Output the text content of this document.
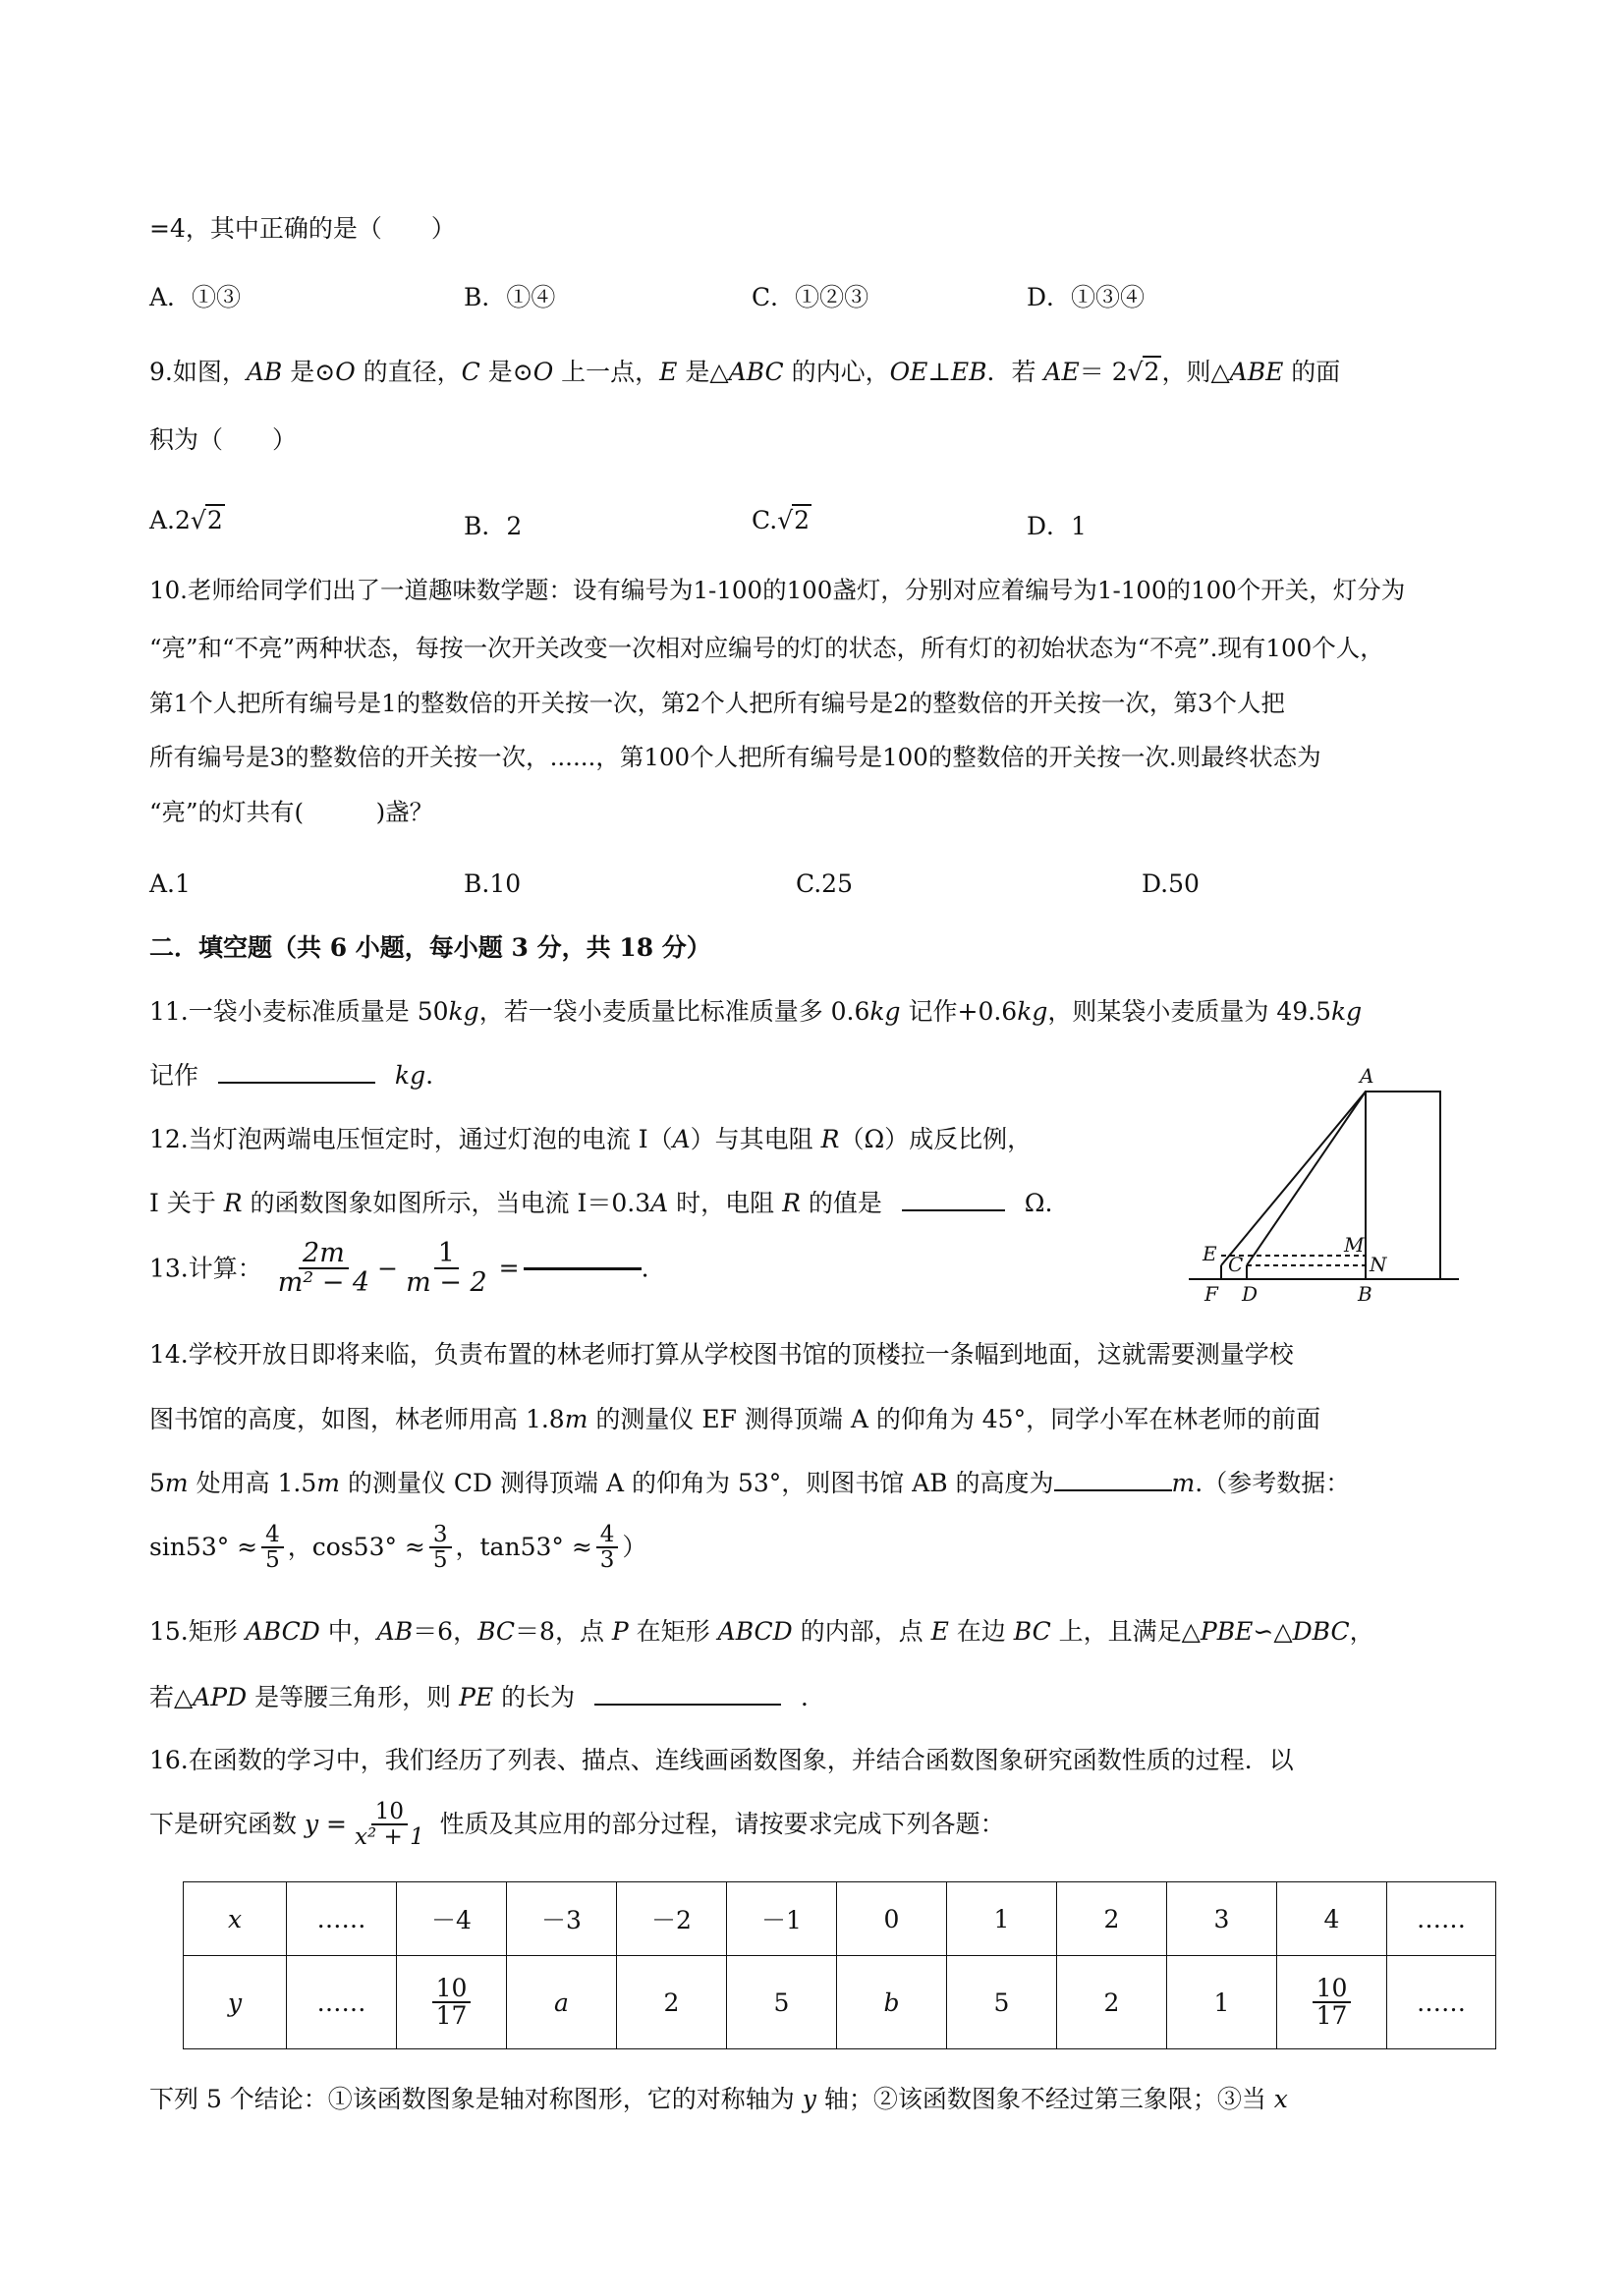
=4，其中正确的是（　　）
A．①③	B．①④	C．①②③	D．①③④
9.如图，AB 是⊙O 的直径，C 是⊙O 上一点，E 是△ABC 的内心，OE⊥EB．若 AE＝ 2√ 2 ，则△ABE 的面
积为（　　）
A.2√ 2	B．2	C.√ 2	D．1
10.老师给同学们出了一道趣味数学题：设有编号为1-100的100盏灯，分别对应着编号为1-100的100个开关，灯分为
“亮”和“不亮”两种状态，每按一次开关改变一次相对应编号的灯的状态，所有灯的初始状态为“不亮”.现有100个人，
第1个人把所有编号是1的整数倍的开关按一次，第2个人把所有编号是2的整数倍的开关按一次，第3个人把
所有编号是3的整数倍的开关按一次，......，第100个人把所有编号是100的整数倍的开关按一次.则最终状态为
“亮”的灯共有(　　　)盏？
A.1	B.10	C.25	D.50
二．填空题（共 6 小题，每小题 3 分，共 18 分）
11.一袋小麦标准质量是 50kg，若一袋小麦质量比标准质量多 0.6kg 记作+0.6kg，则某袋小麦质量为 49.5kg
记作	kg.
12.当灯泡两端电压恒定时，通过灯泡的电流 I（A）与其电阻 R（Ω）成反比例，
I 关于 R 的函数图象如图所示，当电流 I＝0.3A 时，电阻 R 的值是	Ω.
13.计算： $\frac{2m}{\text{m² − 4}} - \frac{1}{m - 2}$ =	.
14.学校开放日即将来临，负责布置的林老师打算从学校图书馆的顶楼拉一条幅到地面，这就需要测量学校
图书馆的高度，如图，林老师用高 1.8m 的测量仪 EF 测得顶端 A 的仰角为 45°，同学小军在林老师的前面
5m 处用高 1.5m 的测量仪 CD 测得顶端 A 的仰角为 53°，则图书馆 AB 的高度为	m.（参考数据：
$\sin 53^\circ \approx \frac{4}{5}$ ，$\cos 53^\circ \approx \frac{3}{5}$ ，$\tan 53^\circ \approx \frac{4}{3}$ ）
15.矩形 ABCD 中，AB＝6，BC＝8，点 P 在矩形 ABCD 的内部，点 E 在边 BC 上，且满足△PBE∽△DBC，
若△APD 是等腰三角形，则 PE 的长为	．
16.在函数的学习中，我们经历了列表、描点、连线画函数图象，并结合函数图象研究函数性质的过程．以
下是研究函数 $y = \frac{10}{\text{x² + 1}}$ 性质及其应用的部分过程，请按要求完成下列各题：
x	……	－4	－3	－2	－1	0	1	2	3	4	……
y	……	$\frac{10}{17}$	a	2	5	b	5	2	1	$\frac{10}{17}$	……
下列 5 个结论：①该函数图象是轴对称图形，它的对称轴为 y 轴；②该函数图象不经过第三象限；③当 x
A
M
N
E C
F D	B
